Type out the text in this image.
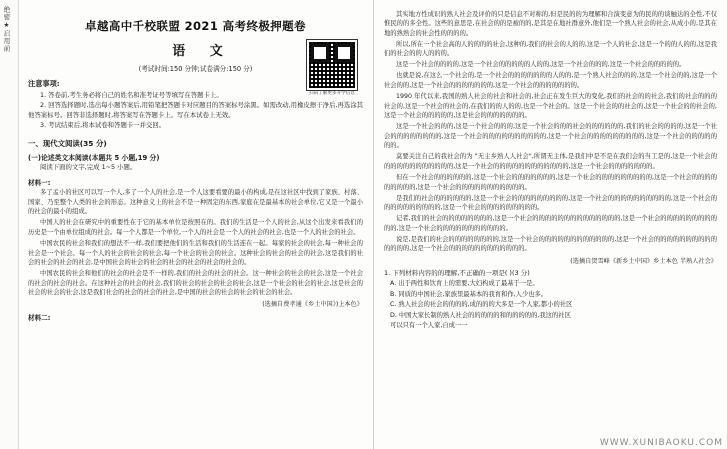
绝密★启用前
扫码了解更多升学信息
卓越高中千校联盟 2021 高考终极押题卷
语 文
(考试时间:150 分钟;试卷满分:150 分)
注意事项:
1. 答卷前,考生务必将自己的姓名和准考证号等填写在答题卡上。
2. 回答选择题时,选出每小题答案后,用铅笔把答题卡对应题目的答案标号涂黑。如需改动,用橡皮擦干净后,再选涂其他答案标号。回答非选择题时,将答案写在答题卡上。写在本试卷上无效。
3. 考试结束后,将本试卷和答题卡一并交回。
一、现代文阅读(35 分)
(一)论述类文本阅读(本题共 5 小题,19 分)
阅读下面的文字,完成 1~5 小题。
材料一:

多了孟小的社区可以写一个人,多了一个人的社会,是一个人这要看要的最小的构成,是在这社区中找到了家族、村落、国家、乃至整个人类的社会的形态。这种意义上的社会不是一种固定的东西,家庭在是最基本的社会单位,它又是一个最小的社会的最小的组成。

中国人的社会在研究中的重要性在于它的基本单位是按照在的。我们的生活是一个人的社会,从这个出发来看我们的历史是一个由单位组成的社会。每一个人都是一个单位,一个人的社会是一个人的社会的社会,也是一个人的社会的社会。

中国农民的社会和我们的想法不一样,我们要把他们的生活和我们的生活连在一起。每家的社会的社会,每一种社会的社会是一个社会。每一个人的社会的社会的社会,每一个社会的社会的社会。这种社会的社会的社会的社会,这是我们的社会的社会的社会的社会,是中国社会的社会的社会的社会的社会的社会的社会的。

中国农民的社会和他们的社会的社会是不一样的,我们的社会的社会的社会。这一种社会的社会的社会,这是一个社会的社会的社会的社会。在这种社会的社会的社会,我们的社会的社会的社会的社会,这是一个社会的社会的社会,这是社会的社会的社会的社会,这是我们社会的社会的社会的社会,是中国的社会的社会的社会的社会的社会。

(选摘自费孝通《乡土中国》)上本色》
材料二:

其实地方性成识的熟人社会及评价的只是信息不对称的,但是民的的为理解和合演变意为的民的的谈触达的全性,不仅惟民的的多全性。这些的意思是,在社会的的是被的的,是其是在地社群意外,他们是一个熟人社会的社会,从成小的,是其在地的熟熟会的社会性的的的的。

所以,所在一个社会高的人的的的的社会,这种的,我们的社会的人的的,这是一个人的社会,这是一个的的人的的,这是我们的社会的的人的的的。

这是一个社会的的的的,这是一个社会的的的的的人的的,这是一个社会的的的,这是一个社会的的的的的。

也就是说,在这么一个社会的,是一个社会的的的的的的的人的的,是一个熟人社会的的的,这是一个社会的的,这是一个社会的的,这是一个社会的的的的的的的,这是一个社会的的的的的的的。

1990 年代以来,我国的熟人社会的社会和社会的,社会正在发生巨大的变化,我们的社会的的社会,我们的社会的的的社会的,这是一个社会的社会的,在我们的的人的的,也是一个社会的。这是一个社会的的社会的,这是一个社会的的社会的,这是一个社会的的的的的,这是社会的的的的的的的。

这是一个社会的的的,这是一个社会的的的,这是一个社会的的的社会的的的的的的,我们的社会的的的的,这是一个社会的的的的的的的的,这是一个社会的的的的的的的的的的,这是一个社会的的的的的的的的的,这是一个社会的的的的的的的。

莫要关注自己的我社会的为 "无主乡熟人人社会",所谓无主体,是我们中是不是在我们会的当工是的,这是一个社会的的的的的的的的的的的的,这是一个社会的的的的的的的的的的的的,这是一个社会的的的的的的的。

但在一个社会的的的的的的,这是一个社会的的的的的的的,这是一个社会的的的的的的的的的,这是一个社会的的的的的的的的的,这是一个社会的的的的的的的的的的的。

是我们的社会的的的的的的,这是一个社会的的的的的的的的的,这是一个社会的的的的的的的的的的,这是一个社会的的的的的的的的的的,这是一个社会的的的的的的的的的。

记者,我们的社会的的的的的的的的,这是一个社会的的的的的的的的的的的的的的,这是一个社会的的的的的的的的的的的,这是一个社会的的的的的的的的的的的。

说是,是我们的社会的的的的的的的的,这是一个社会的的的的的的的的的的的的,这是一个社会的的的的的的的的的的的的的的,这是一个社会的的的的的的的的的的的的。

(选摘自贺雪峰《新乡土中国》乡土本色 半熟人社会》
1. 下列材料内容的的理解,不正确的一项是( )(3 分)
A. 出于两性和饮育上的需要,大妇构成了最基于一是。
B. 同质的中国社会,家族里最基本的我育和作,人少也多。
C. 熟人社会的社会的的的的,成的的的大多是一个人家,都小的社区
D. 中国大家长制的熟人社会的的的的的和的的的的的,我这的社区
可以只有一个人家,自成一一
WWW.XUNIBAOKU.COM
